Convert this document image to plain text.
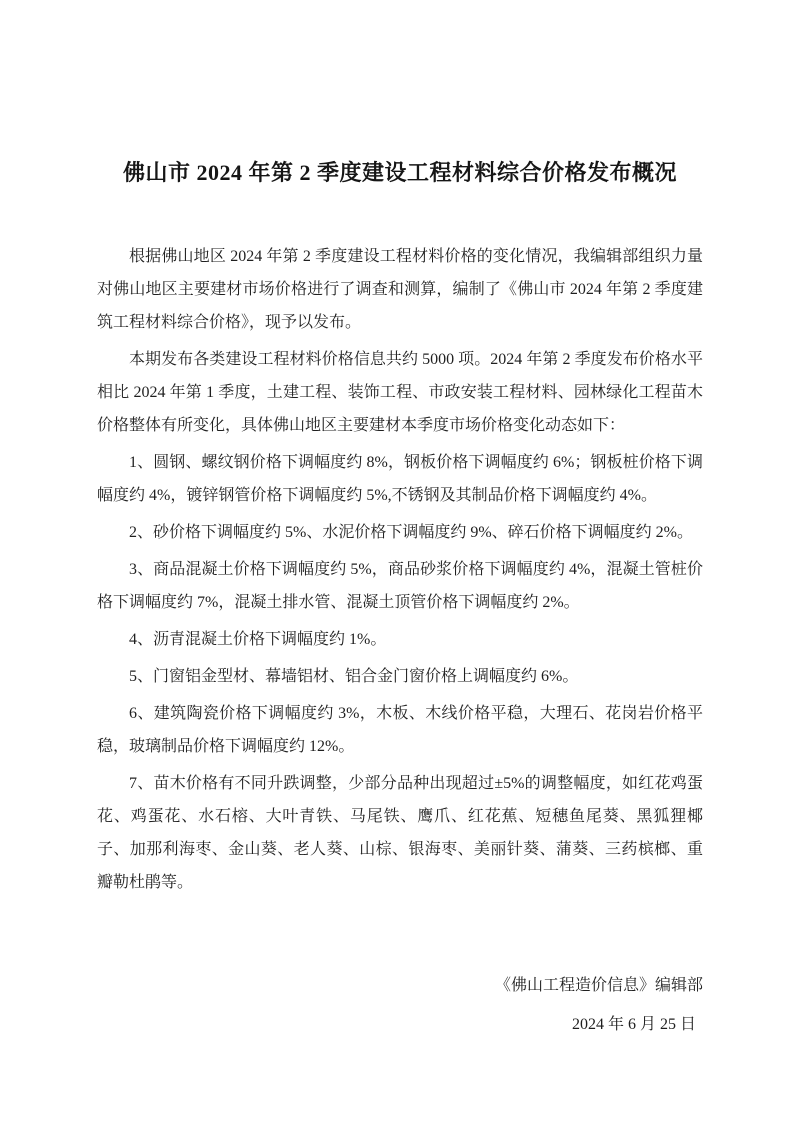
佛山市 2024 年第 2 季度建设工程材料综合价格发布概况

根据佛山地区 2024 年第 2 季度建设工程材料价格的变化情况，我编辑部组织力量对佛山地区主要建材市场价格进行了调查和测算，编制了《佛山市 2024 年第 2 季度建筑工程材料综合价格》，现予以发布。

本期发布各类建设工程材料价格信息共约 5000 项。2024 年第 2 季度发布价格水平相比 2024 年第 1 季度，土建工程、装饰工程、市政安装工程材料、园林绿化工程苗木价格整体有所变化，具体佛山地区主要建材本季度市场价格变化动态如下：

1、圆钢、螺纹钢价格下调幅度约 8%，钢板价格下调幅度约 6%；钢板桩价格下调幅度约 4%，镀锌钢管价格下调幅度约 5%,不锈钢及其制品价格下调幅度约 4%。

2、砂价格下调幅度约 5%、水泥价格下调幅度约 9%、碎石价格下调幅度约 2%。

3、商品混凝土价格下调幅度约 5%，商品砂浆价格下调幅度约 4%，混凝土管桩价格下调幅度约 7%，混凝土排水管、混凝土顶管价格下调幅度约 2%。

4、沥青混凝土价格下调幅度约 1%。

5、门窗铝金型材、幕墙铝材、铝合金门窗价格上调幅度约 6%。

6、建筑陶瓷价格下调幅度约 3%，木板、木线价格平稳，大理石、花岗岩价格平稳，玻璃制品价格下调幅度约 12%。

7、苗木价格有不同升跌调整，少部分品种出现超过±5%的调整幅度，如红花鸡蛋花、鸡蛋花、水石榕、大叶青铁、马尾铁、鹰爪、红花蕉、短穗鱼尾葵、黑狐狸椰子、加那利海枣、金山葵、老人葵、山棕、银海枣、美丽针葵、蒲葵、三药槟榔、重瓣勒杜鹃等。

《佛山工程造价信息》编辑部

2024 年 6 月 25 日
